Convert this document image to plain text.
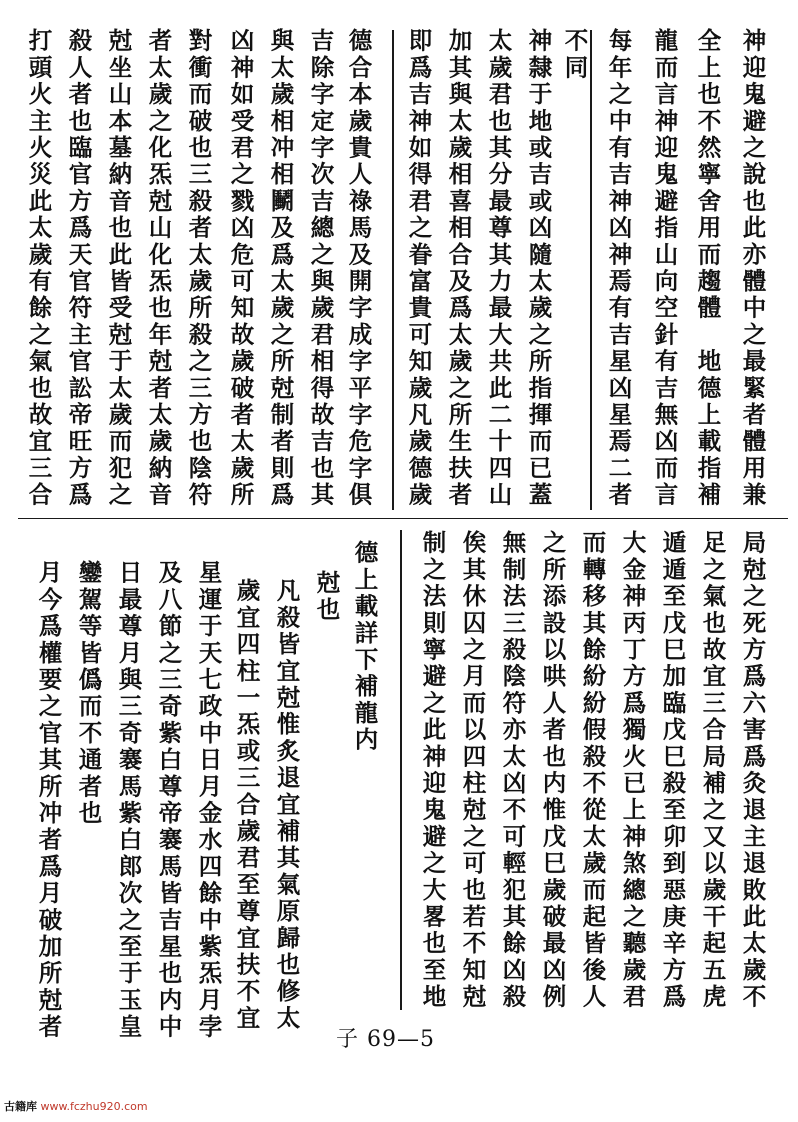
神迎鬼避之說也此亦體中之最緊者體用兼
全上也不然寧舍用而趨體　地德上載指補
龍而言神迎鬼避指山向空針有吉無凶而言
每年之中有吉神凶神焉有吉星凶星焉二者
不同
神隸于地或吉或凶隨太歲之所指揮而已蓋
太歲君也其分最尊其力最大共此二十四山
加其與太歲相喜相合及爲太歲之所生扶者
即爲吉神如得君之眷富貴可知歲凡歲德歲
德合本歲貴人祿馬及開字成字平字危字俱
吉除字定字次吉總之與歲君相得故吉也其
與太歲相冲相鬭及爲太歲之所尅制者則爲
凶神如受君之戮凶危可知故歲破者太歲所
對衝而破也三殺者太歲所殺之三方也陰符
者太歲之化炁尅山化炁也年尅者太歲納音
尅坐山本墓納音也此皆受尅于太歲而犯之
殺人者也臨官方爲天官符主官訟帝旺方爲
打頭火主火災此太歲有餘之氣也故宜三合
局尅之死方爲六害爲灸退主退敗此太歲不
足之氣也故宜三合局補之又以歲干起五虎
遁遁至戊巳加臨戊巳殺至卯到惡庚辛方爲
大金神丙丁方爲獨火已上神煞總之聽歲君
而轉移其餘紛紛假殺不從太歲而起皆後人
之所添設以哄人者也内惟戊巳歲破最凶例
無制法三殺陰符亦太凶不可輕犯其餘凶殺
俟其休囚之月而以四柱尅之可也若不知尅
制之法則寧避之此神迎鬼避之大畧也至地
德上載詳下補龍内
尅也
凡殺皆宜尅惟炙退宜補其氣原歸也修太
歲宜四柱一炁或三合歲君至尊宜扶不宜
星運于天七政中日月金水四餘中紫炁月孛
及八節之三奇紫白尊帝褰馬皆吉星也内中
日最尊月與三奇褰馬紫白郎次之至于玉皇
鑾駕等皆僞而不通者也
月今爲權要之官其所冲者爲月破加所尅者	子 69—5
古籍库 www.fczhu920.com
